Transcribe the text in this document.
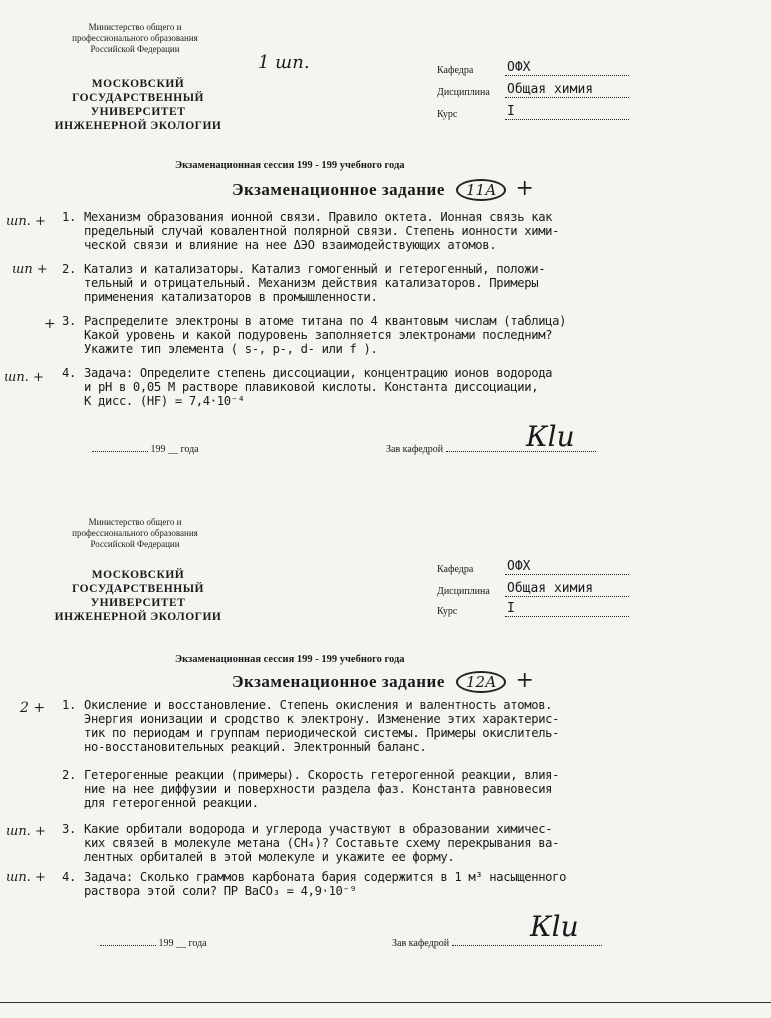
1 шп.
Министерство общего и
профессионального образования
Российской Федерации
МОСКОВСКИЙ
ГОСУДАРСТВЕННЫЙ
УНИВЕРСИТЕТ
ИНЖЕНЕРНОЙ ЭКОЛОГИИ
Кафедра	ОФХ
Дисциплина	Общая химия
Курс	I
Экзаменационная сессия 199 - 199 учебного года
Экзаменационное задание 11А +
шп. + 1. Механизм образования ионной связи. Правило октета. Ионная связь как
предельный случай ковалентной полярной связи. Степень ионности хими-
ческой связи и влияние на нее ΔЭО взаимодействующих атомов.
шп + 2. Катализ и катализаторы. Катализ гомогенный и гетерогенный, положи-
тельный и отрицательный. Механизм действия катализаторов. Примеры
применения катализаторов в промышленности.
+ 3. Распределите электроны в атоме титана по 4 квантовым числам (таблица)
Какой уровень и какой подуровень заполняется электронами последним?
Укажите тип элемента ( s-, p-, d- или f ).
шп. + 4. Задача: Определите степень диссоциации, концентрацию ионов водорода
и pH в 0,05 М растворе плавиковой кислоты. Константа диссоциации,
K дисс. (HF) = 7,4·10⁻⁴
199 __ года	Зав кафедрой	Кlu
Министерство общего и
профессионального образования
Российской Федерации
МОСКОВСКИЙ
ГОСУДАРСТВЕННЫЙ
УНИВЕРСИТЕТ
ИНЖЕНЕРНОЙ ЭКОЛОГИИ
Кафедра	ОФХ
Дисциплина	Общая химия
Курс	I
Экзаменационная сессия 199 - 199 учебного года
Экзаменационное задание 12А +
2 + 1. Окисление и восстановление. Степень окисления и валентность атомов.
Энергия ионизации и сродство к электрону. Изменение этих характерис-
тик по периодам и группам периодической системы. Примеры окислитель-
но-восстановительных реакций. Электронный баланс.
2. Гетерогенные реакции (примеры). Скорость гетерогенной реакции, влия-
ние на нее диффузии и поверхности раздела фаз. Константа равновесия
для гетерогенной реакции.
шп. + 3. Какие орбитали водорода и углерода участвуют в образовании химичес-
ких связей в молекуле метана (CH₄)? Составьте схему перекрывания ва-
лентных орбиталей в этой молекуле и укажите ее форму.
шп. + 4. Задача: Сколько граммов карбоната бария содержится в 1 м³ насыщенного
раствора этой соли? ПР BaCO₃ = 4,9·10⁻⁹
199 __ года	Зав кафедрой
Кlu
